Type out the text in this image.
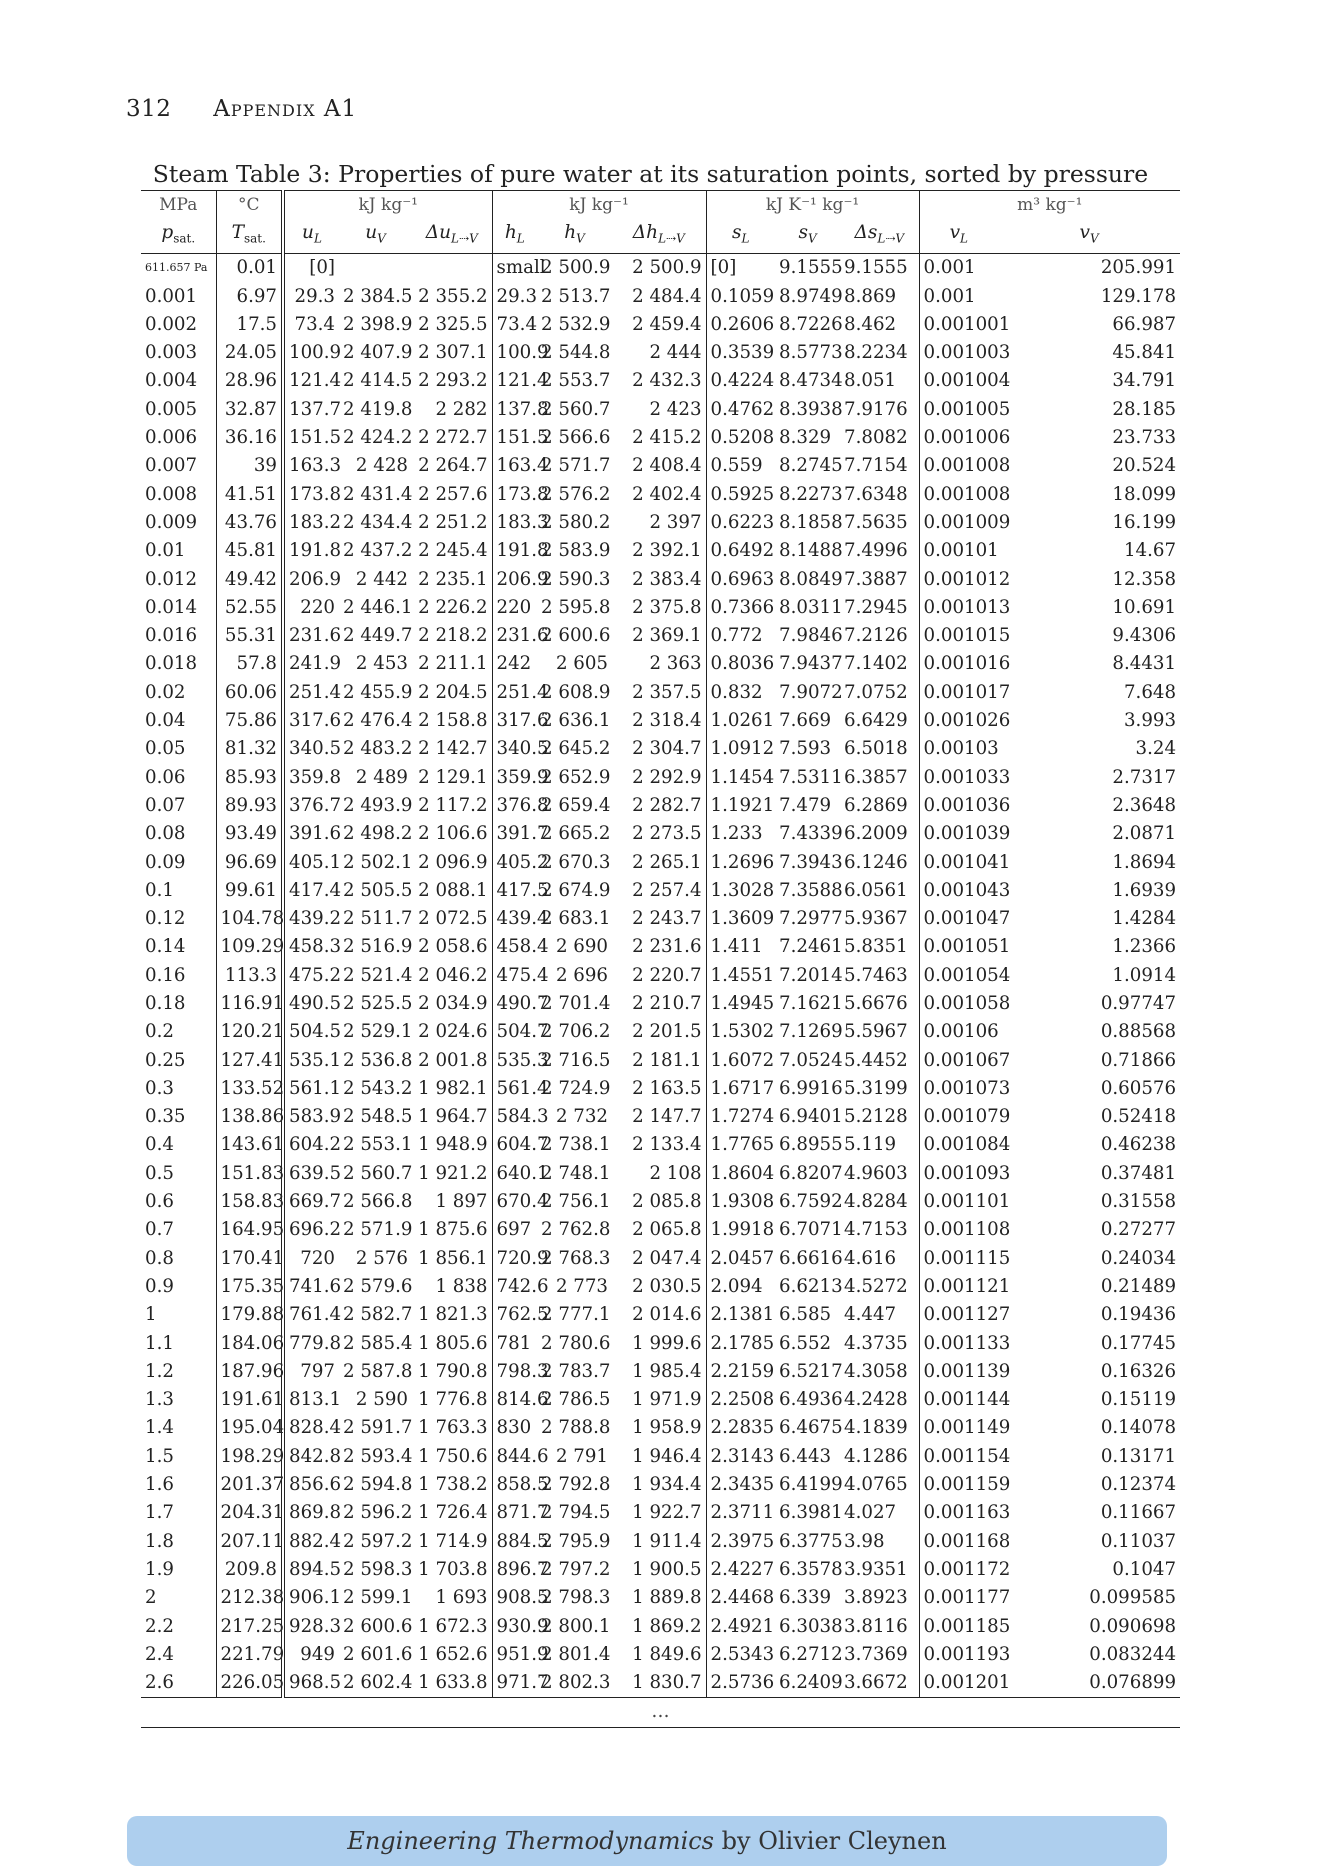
312 Appendix A1
Steam Table 3: Properties of pure water at its saturation points, sorted by pressure
MPa	°C	kJ kg⁻¹			kJ kg⁻¹			kJ K⁻¹ kg⁻¹			m³ kg⁻¹	
$p_{sat.}$	$T_{sat.}$	$u_L$	$u_V$	$\Delta u_{L⇢V}$	$h_L$	$h_V$	$\Delta h_{L⇢V}$	$s_L$	$s_V$	$\Delta s_{L⇢V}$	$v_L$	$v_V$
611.657 Pa	0.01	[0]			small	2 500.9	2 500.9	[0]	9.1555	9.1555	0.001	205.991
0.001	6.97	29.3	2 384.5	2 355.2	29.3	2 513.7	2 484.4	0.1059	8.9749	8.869	0.001	129.178
0.002	17.5	73.4	2 398.9	2 325.5	73.4	2 532.9	2 459.4	0.2606	8.7226	8.462	0.001001	66.987
0.003	24.05	100.9	2 407.9	2 307.1	100.9	2 544.8	2 444	0.3539	8.5773	8.2234	0.001003	45.841
0.004	28.96	121.4	2 414.5	2 293.2	121.4	2 553.7	2 432.3	0.4224	8.4734	8.051	0.001004	34.791
0.005	32.87	137.7	2 419.8	2 282	137.8	2 560.7	2 423	0.4762	8.3938	7.9176	0.001005	28.185
0.006	36.16	151.5	2 424.2	2 272.7	151.5	2 566.6	2 415.2	0.5208	8.329	7.8082	0.001006	23.733
0.007	39	163.3	2 428	2 264.7	163.4	2 571.7	2 408.4	0.559	8.2745	7.7154	0.001008	20.524
0.008	41.51	173.8	2 431.4	2 257.6	173.8	2 576.2	2 402.4	0.5925	8.2273	7.6348	0.001008	18.099
0.009	43.76	183.2	2 434.4	2 251.2	183.3	2 580.2	2 397	0.6223	8.1858	7.5635	0.001009	16.199
0.01	45.81	191.8	2 437.2	2 245.4	191.8	2 583.9	2 392.1	0.6492	8.1488	7.4996	0.00101	14.67
0.012	49.42	206.9	2 442	2 235.1	206.9	2 590.3	2 383.4	0.6963	8.0849	7.3887	0.001012	12.358
0.014	52.55	220	2 446.1	2 226.2	220	2 595.8	2 375.8	0.7366	8.0311	7.2945	0.001013	10.691
0.016	55.31	231.6	2 449.7	2 218.2	231.6	2 600.6	2 369.1	0.772	7.9846	7.2126	0.001015	9.4306
0.018	57.8	241.9	2 453	2 211.1	242	2 605	2 363	0.8036	7.9437	7.1402	0.001016	8.4431
0.02	60.06	251.4	2 455.9	2 204.5	251.4	2 608.9	2 357.5	0.832	7.9072	7.0752	0.001017	7.648
0.04	75.86	317.6	2 476.4	2 158.8	317.6	2 636.1	2 318.4	1.0261	7.669	6.6429	0.001026	3.993
0.05	81.32	340.5	2 483.2	2 142.7	340.5	2 645.2	2 304.7	1.0912	7.593	6.5018	0.00103	3.24
0.06	85.93	359.8	2 489	2 129.1	359.9	2 652.9	2 292.9	1.1454	7.5311	6.3857	0.001033	2.7317
0.07	89.93	376.7	2 493.9	2 117.2	376.8	2 659.4	2 282.7	1.1921	7.479	6.2869	0.001036	2.3648
0.08	93.49	391.6	2 498.2	2 106.6	391.7	2 665.2	2 273.5	1.233	7.4339	6.2009	0.001039	2.0871
0.09	96.69	405.1	2 502.1	2 096.9	405.2	2 670.3	2 265.1	1.2696	7.3943	6.1246	0.001041	1.8694
0.1	99.61	417.4	2 505.5	2 088.1	417.5	2 674.9	2 257.4	1.3028	7.3588	6.0561	0.001043	1.6939
0.12	104.78	439.2	2 511.7	2 072.5	439.4	2 683.1	2 243.7	1.3609	7.2977	5.9367	0.001047	1.4284
0.14	109.29	458.3	2 516.9	2 058.6	458.4	2 690	2 231.6	1.411	7.2461	5.8351	0.001051	1.2366
0.16	113.3	475.2	2 521.4	2 046.2	475.4	2 696	2 220.7	1.4551	7.2014	5.7463	0.001054	1.0914
0.18	116.91	490.5	2 525.5	2 034.9	490.7	2 701.4	2 210.7	1.4945	7.1621	5.6676	0.001058	0.97747
0.2	120.21	504.5	2 529.1	2 024.6	504.7	2 706.2	2 201.5	1.5302	7.1269	5.5967	0.00106	0.88568
0.25	127.41	535.1	2 536.8	2 001.8	535.3	2 716.5	2 181.1	1.6072	7.0524	5.4452	0.001067	0.71866
0.3	133.52	561.1	2 543.2	1 982.1	561.4	2 724.9	2 163.5	1.6717	6.9916	5.3199	0.001073	0.60576
0.35	138.86	583.9	2 548.5	1 964.7	584.3	2 732	2 147.7	1.7274	6.9401	5.2128	0.001079	0.52418
0.4	143.61	604.2	2 553.1	1 948.9	604.7	2 738.1	2 133.4	1.7765	6.8955	5.119	0.001084	0.46238
0.5	151.83	639.5	2 560.7	1 921.2	640.1	2 748.1	2 108	1.8604	6.8207	4.9603	0.001093	0.37481
0.6	158.83	669.7	2 566.8	1 897	670.4	2 756.1	2 085.8	1.9308	6.7592	4.8284	0.001101	0.31558
0.7	164.95	696.2	2 571.9	1 875.6	697	2 762.8	2 065.8	1.9918	6.7071	4.7153	0.001108	0.27277
0.8	170.41	720	2 576	1 856.1	720.9	2 768.3	2 047.4	2.0457	6.6616	4.616	0.001115	0.24034
0.9	175.35	741.6	2 579.6	1 838	742.6	2 773	2 030.5	2.094	6.6213	4.5272	0.001121	0.21489
1	179.88	761.4	2 582.7	1 821.3	762.5	2 777.1	2 014.6	2.1381	6.585	4.447	0.001127	0.19436
1.1	184.06	779.8	2 585.4	1 805.6	781	2 780.6	1 999.6	2.1785	6.552	4.3735	0.001133	0.17745
1.2	187.96	797	2 587.8	1 790.8	798.3	2 783.7	1 985.4	2.2159	6.5217	4.3058	0.001139	0.16326
1.3	191.61	813.1	2 590	1 776.8	814.6	2 786.5	1 971.9	2.2508	6.4936	4.2428	0.001144	0.15119
1.4	195.04	828.4	2 591.7	1 763.3	830	2 788.8	1 958.9	2.2835	6.4675	4.1839	0.001149	0.14078
1.5	198.29	842.8	2 593.4	1 750.6	844.6	2 791	1 946.4	2.3143	6.443	4.1286	0.001154	0.13171
1.6	201.37	856.6	2 594.8	1 738.2	858.5	2 792.8	1 934.4	2.3435	6.4199	4.0765	0.001159	0.12374
1.7	204.31	869.8	2 596.2	1 726.4	871.7	2 794.5	1 922.7	2.3711	6.3981	4.027	0.001163	0.11667
1.8	207.11	882.4	2 597.2	1 714.9	884.5	2 795.9	1 911.4	2.3975	6.3775	3.98	0.001168	0.11037
1.9	209.8	894.5	2 598.3	1 703.8	896.7	2 797.2	1 900.5	2.4227	6.3578	3.9351	0.001172	0.1047
2	212.38	906.1	2 599.1	1 693	908.5	2 798.3	1 889.8	2.4468	6.339	3.8923	0.001177	0.099585
2.2	217.25	928.3	2 600.6	1 672.3	930.9	2 800.1	1 869.2	2.4921	6.3038	3.8116	0.001185	0.090698
2.4	221.79	949	2 601.6	1 652.6	951.9	2 801.4	1 849.6	2.5343	6.2712	3.7369	0.001193	0.083244
2.6	226.05	968.5	2 602.4	1 633.8	971.7	2 802.3	1 830.7	2.5736	6.2409	3.6672	0.001201	0.076899
…												
Engineering Thermodynamics by Olivier Cleynen
